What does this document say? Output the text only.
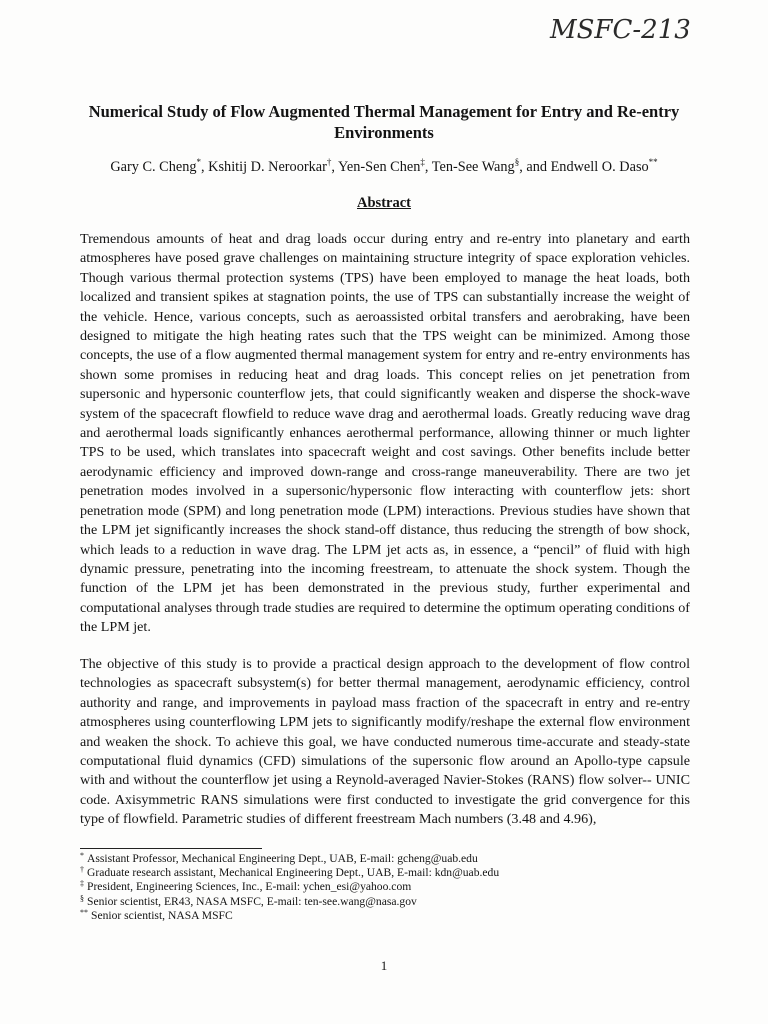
MSFC-213
Numerical Study of Flow Augmented Thermal Management for Entry and Re-entry Environments
Gary C. Cheng*, Kshitij D. Neroorkar†, Yen-Sen Chen‡, Ten-See Wang§, and Endwell O. Daso**
Abstract

Tremendous amounts of heat and drag loads occur during entry and re-entry into planetary and earth atmospheres have posed grave challenges on maintaining structure integrity of space exploration vehicles. Though various thermal protection systems (TPS) have been employed to manage the heat loads, both localized and transient spikes at stagnation points, the use of TPS can substantially increase the weight of the vehicle. Hence, various concepts, such as aeroassisted orbital transfers and aerobraking, have been designed to mitigate the high heating rates such that the TPS weight can be minimized. Among those concepts, the use of a flow augmented thermal management system for entry and re-entry environments has shown some promises in reducing heat and drag loads. This concept relies on jet penetration from supersonic and hypersonic counterflow jets, that could significantly weaken and disperse the shock-wave system of the spacecraft flowfield to reduce wave drag and aerothermal loads. Greatly reducing wave drag and aerothermal loads significantly enhances aerothermal performance, allowing thinner or much lighter TPS to be used, which translates into spacecraft weight and cost savings. Other benefits include better aerodynamic efficiency and improved down-range and cross-range maneuverability. There are two jet penetration modes involved in a supersonic/hypersonic flow interacting with counterflow jets: short penetration mode (SPM) and long penetration mode (LPM) interactions. Previous studies have shown that the LPM jet significantly increases the shock stand-off distance, thus reducing the strength of bow shock, which leads to a reduction in wave drag. The LPM jet acts as, in essence, a “pencil” of fluid with high dynamic pressure, penetrating into the incoming freestream, to attenuate the shock system. Though the function of the LPM jet has been demonstrated in the previous study, further experimental and computational analyses through trade studies are required to determine the optimum operating conditions of the LPM jet.

The objective of this study is to provide a practical design approach to the development of flow control technologies as spacecraft subsystem(s) for better thermal management, aerodynamic efficiency, control authority and range, and improvements in payload mass fraction of the spacecraft in entry and re-entry atmospheres using counterflowing LPM jets to significantly modify/reshape the external flow environment and weaken the shock. To achieve this goal, we have conducted numerous time-accurate and steady-state computational fluid dynamics (CFD) simulations of the supersonic flow around an Apollo-type capsule with and without the counterflow jet using a Reynold-averaged Navier-Stokes (RANS) flow solver-- UNIC code. Axisymmetric RANS simulations were first conducted to investigate the grid convergence for this type of flowfield. Parametric studies of different freestream Mach numbers (3.48 and 4.96),

* Assistant Professor, Mechanical Engineering Dept., UAB, E-mail: gcheng@uab.edu
† Graduate research assistant, Mechanical Engineering Dept., UAB, E-mail: kdn@uab.edu
‡ President, Engineering Sciences, Inc., E-mail: ychen_esi@yahoo.com
§ Senior scientist, ER43, NASA MSFC, E-mail: ten-see.wang@nasa.gov
** Senior scientist, NASA MSFC
1
